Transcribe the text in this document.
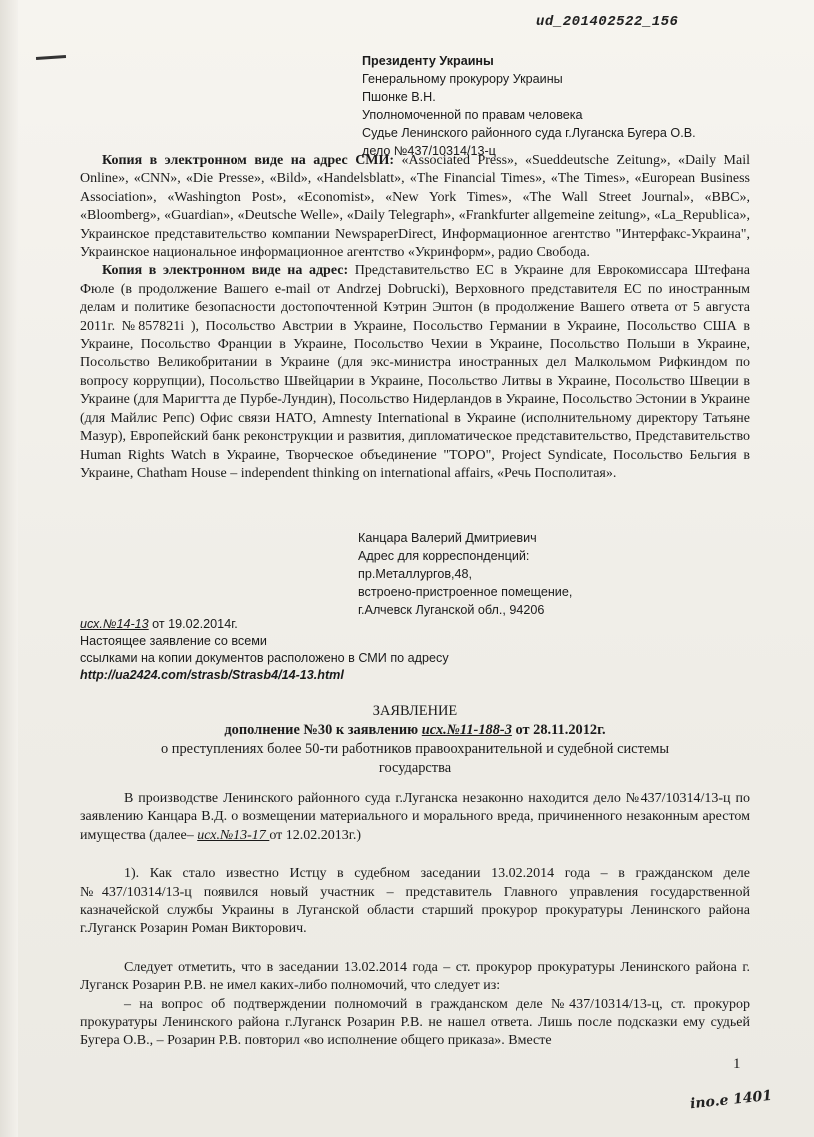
ud_201402522_156
Президенту Украины
Генеральному прокурору Украины
Пшонке В.Н.
Уполномоченной по правам человека
Судье Ленинского районного суда г.Луганска Бугера О.В.
дело №437/10314/13-ц

Копия в электронном виде на адрес СМИ: «Associated Press», «Sueddeutsche Zeitung», «Daily Mail Online», «CNN», «Die Presse», «Bild», «Handelsblatt», «The Financial Times», «The Times», «European Business Association», «Washington Post», «Economist», «New York Times», «The Wall Street Journal», «BBC», «Bloomberg», «Guardian», «Deutsche Welle», «Daily Telegraph», «Frankfurter allgemeine zeitung», «La_Republica», Украинское представительство компании NewspaperDirect, Информационное агентство "Интерфакс-Украина", Украинское национальное информационное агентство «Укринформ», радио Свобода.

Копия в электронном виде на адрес: Представительство ЕС в Украине для Еврокомиссара Штефана Фюле (в продолжение Вашего e-mail от Andrzej Dobrucki), Верховного представителя ЕС по иностранным делам и политике безопасности достопочтенной Кэтрин Эштон (в продолжение Вашего ответа от 5 августа 2011г. №857821i ), Посольство Австрии в Украине, Посольство Германии в Украине, Посольство США в Украине, Посольство Франции в Украине, Посольство Чехии в Украине, Посольство Польши в Украине, Посольство Великобритании в Украине (для экс-министра иностранных дел Малкольмом Рифкиндом по вопросу коррупции), Посольство Швейцарии в Украине, Посольство Литвы в Украине, Посольство Швеции в Украине (для Маригтта де Пурбе-Лундин), Посольство Нидерландов в Украине, Посольство Эстонии в Украине (для Майлис Репс) Офис связи НАТО, Amnesty International в Украине (исполнительному директору Татьяне Мазур), Европейский банк реконструкции и развития, дипломатическое представительство, Представительство Human Rights Watch в Украине, Творческое объединение "ТОРО", Project Syndicate, Посольство Бельгия в Украине, Chatham House – independent thinking on international affairs, «Речь Посполитая».

Канцара Валерий Дмитриевич
Адрес для корреспонденций:
пр.Металлургов,48,
встроено-пристроенное помещение,
г.Алчевск Луганской обл., 94206
исх.№14-13 от 19.02.2014г.
Настоящее заявление со всеми
ссылками на копии документов расположено в СМИ по адресу
http://ua2424.com/strasb/Strasb4/14-13.html
ЗАЯВЛЕНИЕ
дополнение №30 к заявлению исх.№11-188-3 от 28.11.2012г.
о преступлениях более 50-ти работников правоохранительной и судебной системы
государства

В производстве Ленинского районного суда г.Луганска незаконно находится дело №437/10314/13-ц по заявлению Канцара В.Д. о возмещении материального и морального вреда, причиненного незаконным арестом имущества (далее– исх.№13-17 от 12.02.2013г.)

1). Как стало известно Истцу в судебном заседании 13.02.2014 года – в гражданском деле №437/10314/13-ц появился новый участник – представитель Главного управления государственной казначейской службы Украины в Луганской области старший прокурор прокуратуры Ленинского района г.Луганск Розарин Роман Викторович.

Следует отметить, что в заседании 13.02.2014 года – ст. прокурор прокуратуры Ленинского района г. Луганск Розарин Р.В. не имел каких-либо полномочий, что следует из:

– на вопрос об подтверждении полномочий в гражданском деле №437/10314/13-ц, ст. прокурор прокуратуры Ленинского района г.Луганск Розарин Р.В. не нашел ответа. Лишь после подсказки ему судьей Бугера О.В., – Розарин Р.В. повторил «во исполнение общего приказа». Вместе

1
ino.e 1401
